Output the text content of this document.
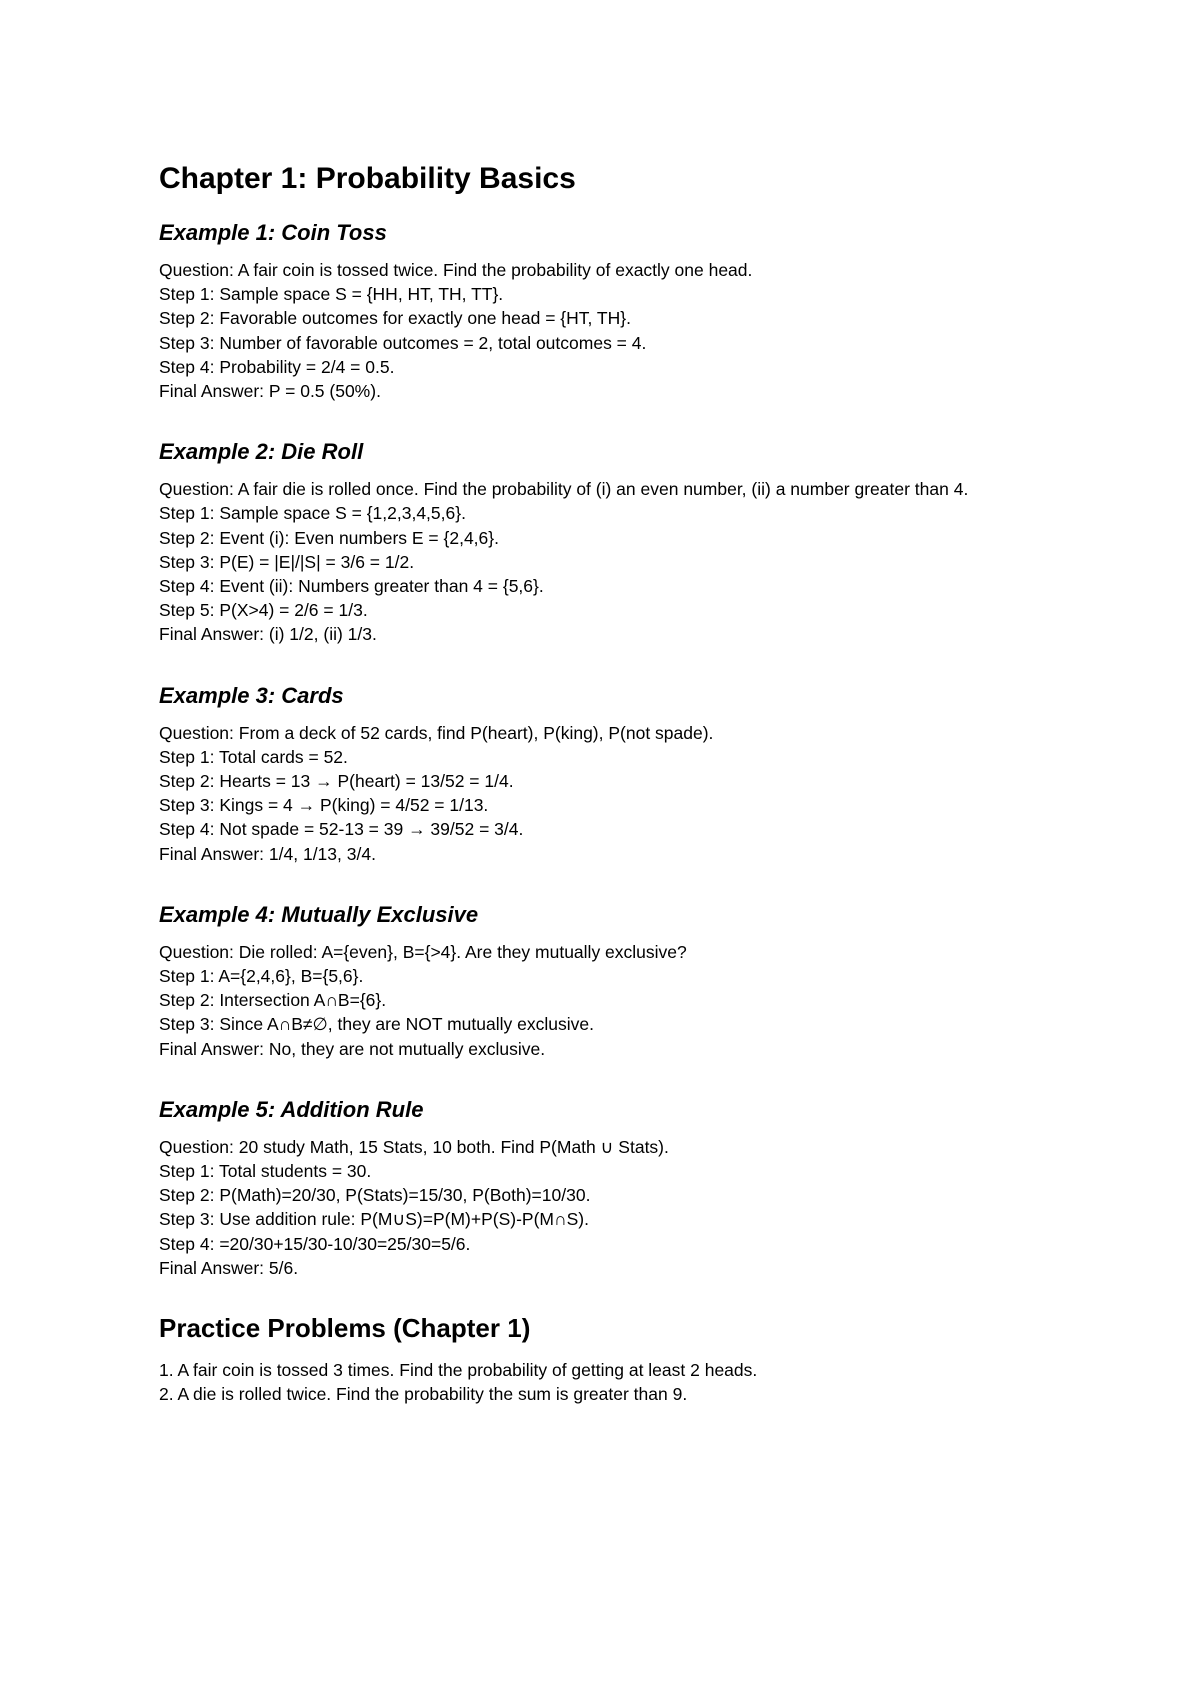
Chapter 1: Probability Basics
Example 1: Coin Toss

Question: A fair coin is tossed twice. Find the probability of exactly one head.

Step 1: Sample space S = {HH, HT, TH, TT}.

Step 2: Favorable outcomes for exactly one head = {HT, TH}.

Step 3: Number of favorable outcomes = 2, total outcomes = 4.

Step 4: Probability = 2/4 = 0.5.

Final Answer: P = 0.5 (50%).

Example 2: Die Roll

Question: A fair die is rolled once. Find the probability of (i) an even number, (ii) a number greater than 4.

Step 1: Sample space S = {1,2,3,4,5,6}.

Step 2: Event (i): Even numbers E = {2,4,6}.

Step 3: P(E) = |E|/|S| = 3/6 = 1/2.

Step 4: Event (ii): Numbers greater than 4 = {5,6}.

Step 5: P(X>4) = 2/6 = 1/3.

Final Answer: (i) 1/2, (ii) 1/3.

Example 3: Cards

Question: From a deck of 52 cards, find P(heart), P(king), P(not spade).

Step 1: Total cards = 52.

Step 2: Hearts = 13 → P(heart) = 13/52 = 1/4.

Step 3: Kings = 4 → P(king) = 4/52 = 1/13.

Step 4: Not spade = 52-13 = 39 → 39/52 = 3/4.

Final Answer: 1/4, 1/13, 3/4.

Example 4: Mutually Exclusive

Question: Die rolled: A={even}, B={>4}. Are they mutually exclusive?

Step 1: A={2,4,6}, B={5,6}.

Step 2: Intersection A∩B={6}.

Step 3: Since A∩B≠∅, they are NOT mutually exclusive.

Final Answer: No, they are not mutually exclusive.

Example 5: Addition Rule

Question: 20 study Math, 15 Stats, 10 both. Find P(Math ∪ Stats).

Step 1: Total students = 30.

Step 2: P(Math)=20/30, P(Stats)=15/30, P(Both)=10/30.

Step 3: Use addition rule: P(M∪S)=P(M)+P(S)-P(M∩S).

Step 4: =20/30+15/30-10/30=25/30=5/6.

Final Answer: 5/6.

Practice Problems (Chapter 1)

1. A fair coin is tossed 3 times. Find the probability of getting at least 2 heads.

2. A die is rolled twice. Find the probability the sum is greater than 9.
